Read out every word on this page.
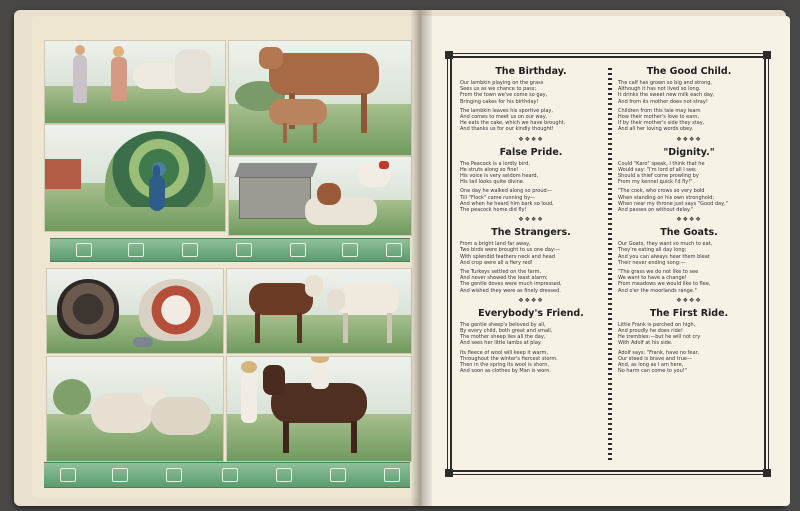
The Birthday.
Our lambkin playing on the grass
Sees us as we chance to pass;
From the town we've come so gay,
Bringing cakes for his birthday!
The lambkin leaves his sportive play,
And comes to meet us on our way,
He eats the cake, which we have brought,
And thanks us for our kindly thought!
❖❖❖❖
False Pride.
The Peacock is a lordly bird,
He struts along so fine!
His voice is very seldom heard,
His tail looks quite divine.
One day he walked along so proud—
Till "Flock" came running by—
And when he heard him bark so loud,
The peacock home did fly!
❖❖❖❖
The Strangers.
From a bright land far away,
Two birds were brought to us one day:—
With splendid feathers neck and head
And crop were all a fiery red!
The Turkeys settled on the farm,
And never showed the least alarm;
The gentle doves were much impressed,
And wished they were as finely dressed.
❖❖❖❖
Everybody's Friend.
The gentle sheep's beloved by all,
By every child, both great and small,
The mother sheep lies all the day,
And sees her little lambs at play.
Its fleece of wool will keep it warm,
Throughout the winter's fiercest storm.
Then in the spring its wool is shorn,
And soon as clothes by Man is worn.
The Good Child.
The calf has grown so big and strong,
Although it has not lived so long.
It drinks the sweet new milk each day,
And from its mother does not stray!
Children from this tale may learn
How their mother's love to earn,
If by their mother's side they stay,
And all her loving words obey.
❖❖❖❖
"Dignity."
Could "Karo" speak, I think that he
Would say: "I'm lord of all I see;
Should a thief come prowling by
From my kennel quick I'd fly!"
"The cock, who crows so very bold
When standing on his own stronghold;
When near my throne just says "Good day,"
And passes on without delay."
❖❖❖❖
The Goats.
Our Goats, they want so much to eat,
They're eating all day long;
And you can always hear them bleat
Their never ending song:—
"The grass we do not like to see
We want to have a change!
From meadows we would like to flee,
And o'er the moorlands range."
❖❖❖❖
The First Ride.
Little Frank is perched on high,
And proudly he does ride!
He trembles:—but he will not cry
With Adolf at his side.
Adolf says: "Frank, have no fear,
Our steed is brave and true—
And, as long as I am here,
No harm can come to you!"
